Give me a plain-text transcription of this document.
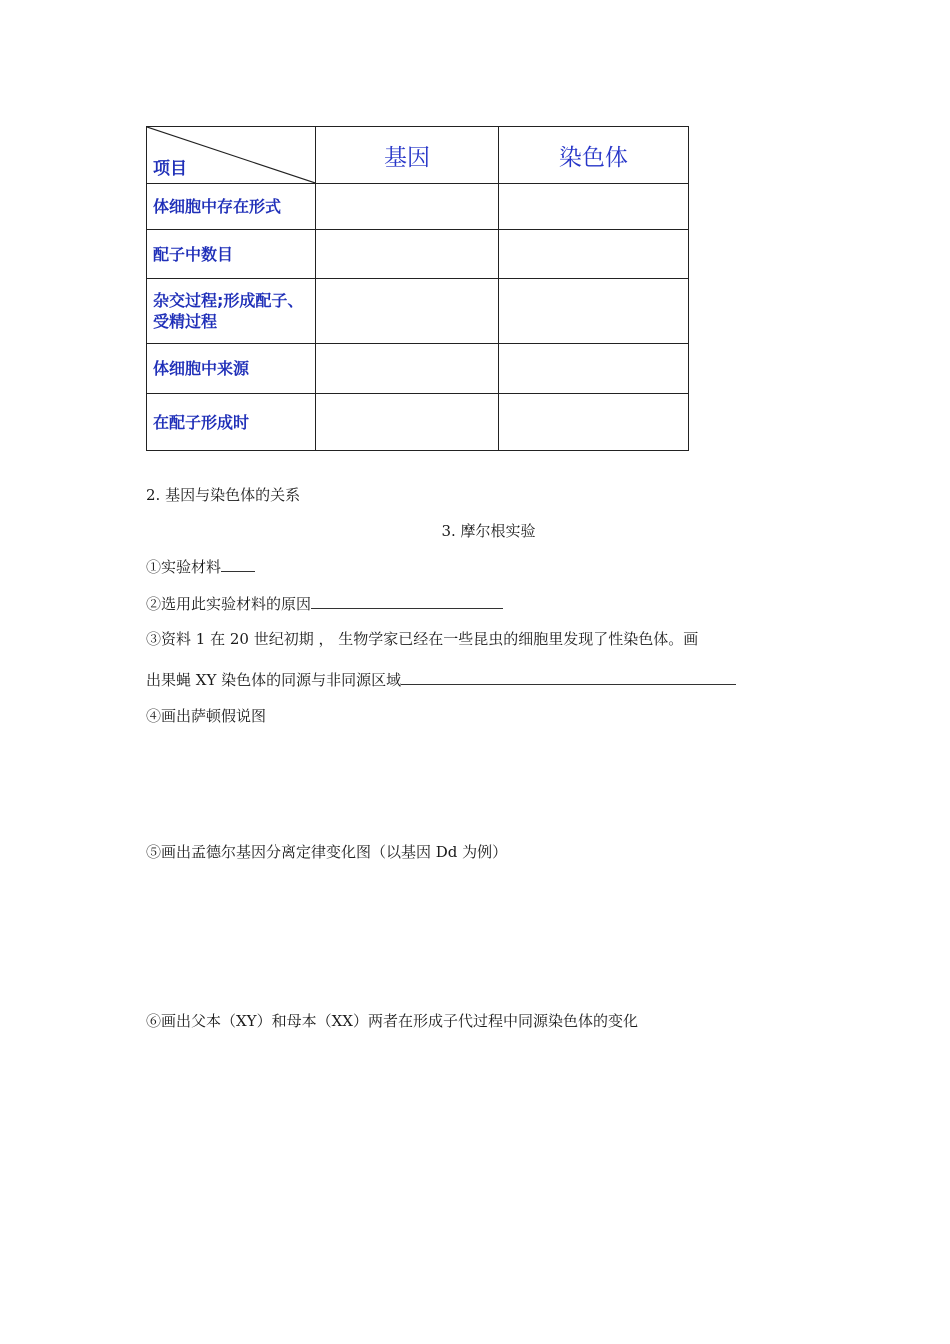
项目	基因	染色体
体细胞中存在形式		
配子中数目		
杂交过程;形成配子、受精过程		
体细胞中来源		
在配子形成时		
2. 基因与染色体的关系
3. 摩尔根实验
①实验材料
②选用此实验材料的原因
③资料 1 在 20 世纪初期 ， 生物学家已经在一些昆虫的细胞里发现了性染色体。画
出果蝇 XY 染色体的同源与非同源区域
④画出萨顿假说图
⑤画出孟德尔基因分离定律变化图（以基因 Dd 为例）
⑥画出父本（XY）和母本（XX）两者在形成子代过程中同源染色体的变化
